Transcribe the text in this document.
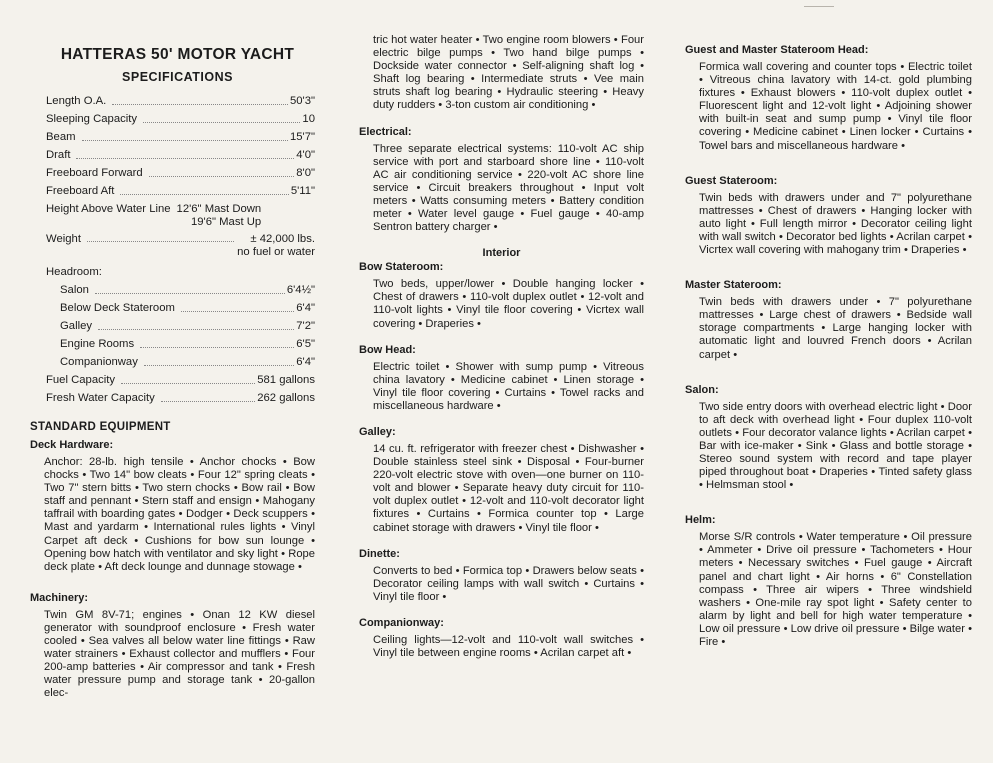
HATTERAS 50' MOTOR YACHT
SPECIFICATIONS
Length O.A.	50'3"
Sleeping Capacity	10
Beam	15'7"
Draft	4'0"
Freeboard Forward	8'0"
Freeboard Aft	5'11"
Height Above Water Line 12'6" Mast Down
19'6" Mast Up
Weight	± 42,000 lbs.
no fuel or water
Headroom:
Salon	6'4½"
Below Deck Stateroom	6'4"
Galley	7'2"
Engine Rooms	6'5"
Companionway	6'4"
Fuel Capacity	581 gallons
Fresh Water Capacity	262 gallons
STANDARD EQUIPMENT
Deck Hardware:
Anchor: 28-lb. high tensile • Anchor chocks • Bow chocks • Two 14" bow cleats • Four 12" spring cleats • Two 7" stern bitts • Two stern chocks • Bow rail • Bow staff and pennant • Stern staff and ensign • Mahogany taffrail with boarding gates • Dodger • Deck scuppers • Mast and yardarm • International rules lights • Vinyl Carpet aft deck • Cushions for bow sun lounge • Opening bow hatch with ventilator and sky light • Rope deck plate • Aft deck lounge and dunnage stowage •
Machinery:
Twin GM 8V-71; engines • Onan 12 KW diesel generator with soundproof enclosure • Fresh water cooled • Sea valves all below water line fittings • Raw water strainers • Exhaust collector and mufflers • Four 200-amp batteries • Air compressor and tank • Fresh water pressure pump and storage tank • 20-gallon elec-
tric hot water heater • Two engine room blowers • Four electric bilge pumps • Two hand bilge pumps • Dockside water connector • Self-aligning shaft log • Shaft log bearing • Intermediate struts • Vee main struts shaft log bearing • Hydraulic steering • Heavy duty rudders • 3-ton custom air conditioning •
Electrical:
Three separate electrical systems: 110-volt AC ship service with port and starboard shore line • 110-volt AC air conditioning service • 220-volt AC shore line service • Circuit breakers throughout • Input volt meters • Watts consuming meters • Battery condition meter • Water level gauge • Fuel gauge • 40-amp Sentron battery charger •
Interior
Bow Stateroom:
Two beds, upper/lower • Double hanging locker • Chest of drawers • 110-volt duplex outlet • 12-volt and 110-volt lights • Vinyl tile floor covering • Vicrtex wall covering • Draperies •
Bow Head:
Electric toilet • Shower with sump pump • Vitreous china lavatory • Medicine cabinet • Linen storage • Vinyl tile floor covering • Curtains • Towel racks and miscellaneous hardware •
Galley:
14 cu. ft. refrigerator with freezer chest • Dishwasher • Double stainless steel sink • Disposal • Four-burner 220-volt electric stove with oven—one burner on 110-volt and blower • Separate heavy duty circuit for 110-volt duplex outlet • 12-volt and 110-volt decorator light fixtures • Curtains • Formica counter top • Large cabinet storage with drawers • Vinyl tile floor •
Dinette:
Converts to bed • Formica top • Drawers below seats • Decorator ceiling lamps with wall switch • Curtains • Vinyl tile floor •
Companionway:
Ceiling lights—12-volt and 110-volt wall switches • Vinyl tile between engine rooms • Acrilan carpet aft •
Guest and Master Stateroom Head:
Formica wall covering and counter tops • Electric toilet • Vitreous china lavatory with 14-ct. gold plumbing fixtures • Exhaust blowers • 110-volt duplex outlet • Fluorescent light and 12-volt light • Adjoining shower with built-in seat and sump pump • Vinyl tile floor covering • Medicine cabinet • Linen locker • Curtains • Towel bars and miscellaneous hardware •
Guest Stateroom:
Twin beds with drawers under and 7" polyurethane mattresses • Chest of drawers • Hanging locker with auto light • Full length mirror • Decorator ceiling light with wall switch • Decorator bed lights • Acrilan carpet • Vicrtex wall covering with mahogany trim • Draperies •
Master Stateroom:
Twin beds with drawers under • 7" polyurethane mattresses • Large chest of drawers • Bedside wall storage compartments • Large hanging locker with automatic light and louvred French doors • Acrilan carpet •
Salon:
Two side entry doors with overhead electric light • Door to aft deck with overhead light • Four duplex 110-volt outlets • Four decorator valance lights • Acrilan carpet • Bar with ice-maker • Sink • Glass and bottle storage • Stereo sound system with record and tape player piped throughout boat • Draperies • Tinted safety glass • Helmsman stool •
Helm:
Morse S/R controls • Water temperature • Oil pressure • Ammeter • Drive oil pressure • Tachometers • Hour meters • Necessary switches • Fuel gauge • Aircraft panel and chart light • Air horns • 6" Constellation compass • Three air wipers • Three windshield washers • One-mile ray spot light • Safety center to alarm by light and bell for high water temperature • Low oil pressure • Low drive oil pressure • Bilge water • Fire •
